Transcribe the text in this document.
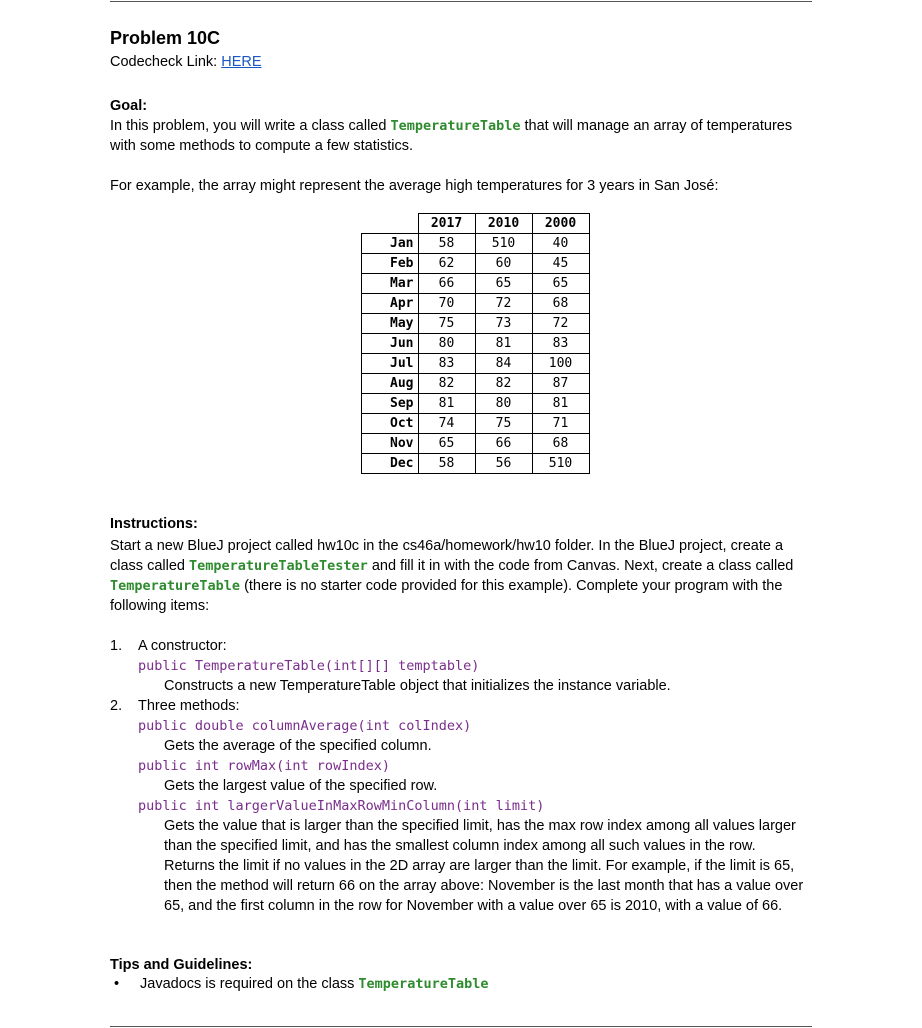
Problem 10C
Codecheck Link: HERE
Goal:
In this problem, you will write a class called TemperatureTable that will manage an array of temperatures with some methods to compute a few statistics.
For example, the array might represent the average high temperatures for 3 years in San José:
	2017	2010	2000
Jan	58	510	40
Feb	62	60	45
Mar	66	65	65
Apr	70	72	68
May	75	73	72
Jun	80	81	83
Jul	83	84	100
Aug	82	82	87
Sep	81	80	81
Oct	74	75	71
Nov	65	66	68
Dec	58	56	510
Instructions:
Start a new BlueJ project called hw10c in the cs46a/homework/hw10 folder. In the BlueJ project, create a class called TemperatureTableTester and fill it in with the code from Canvas. Next, create a class called TemperatureTable (there is no starter code provided for this example). Complete your program with the following items:
1. A constructor:
public TemperatureTable(int[][] temptable)
Constructs a new TemperatureTable object that initializes the instance variable.
2. Three methods:
public double columnAverage(int colIndex)
Gets the average of the specified column.
public int rowMax(int rowIndex)
Gets the largest value of the specified row.
public int largerValueInMaxRowMinColumn(int limit)
Gets the value that is larger than the specified limit, has the max row index among all values larger than the specified limit, and has the smallest column index among all such values in the row. Returns the limit if no values in the 2D array are larger than the limit. For example, if the limit is 65, then the method will return 66 on the array above: November is the last month that has a value over 65, and the first column in the row for November with a value over 65 is 2010, with a value of 66.
Tips and Guidelines:
• Javadocs is required on the class TemperatureTable
